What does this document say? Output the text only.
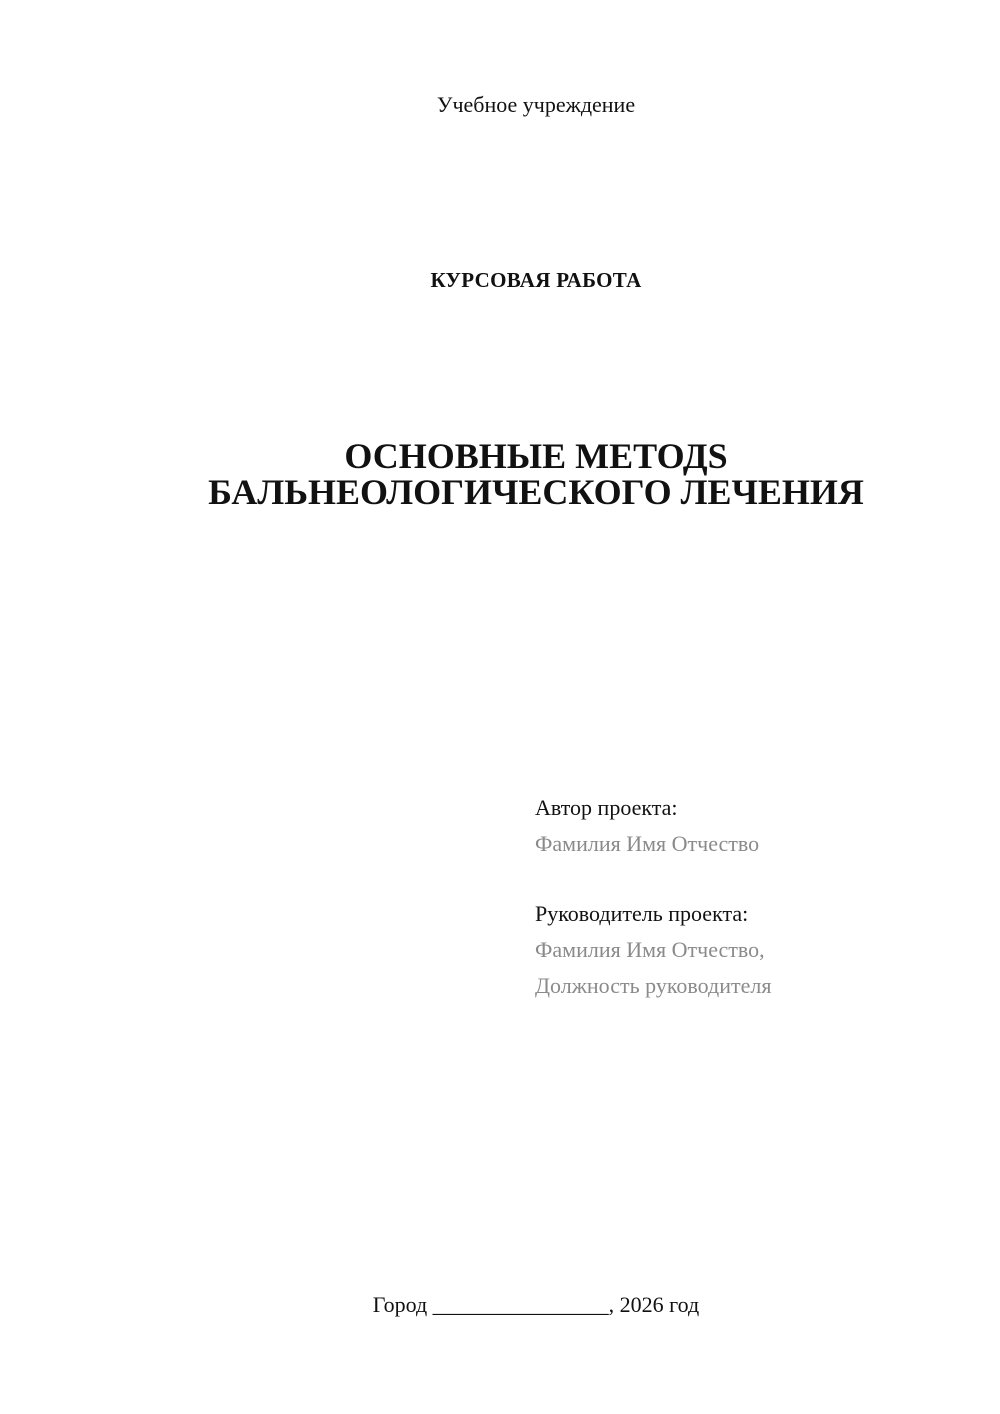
Учебное учреждение
КУРСОВАЯ РАБОТА
ОСНОВНЫЕ МЕТОДS
БАЛЬНЕОЛОГИЧЕСКОГО ЛЕЧЕНИЯ
Автор проекта:
Фамилия Имя Отчество
Руководитель проекта:
Фамилия Имя Отчество,
Должность руководителя
Город ________________, 2026 год
